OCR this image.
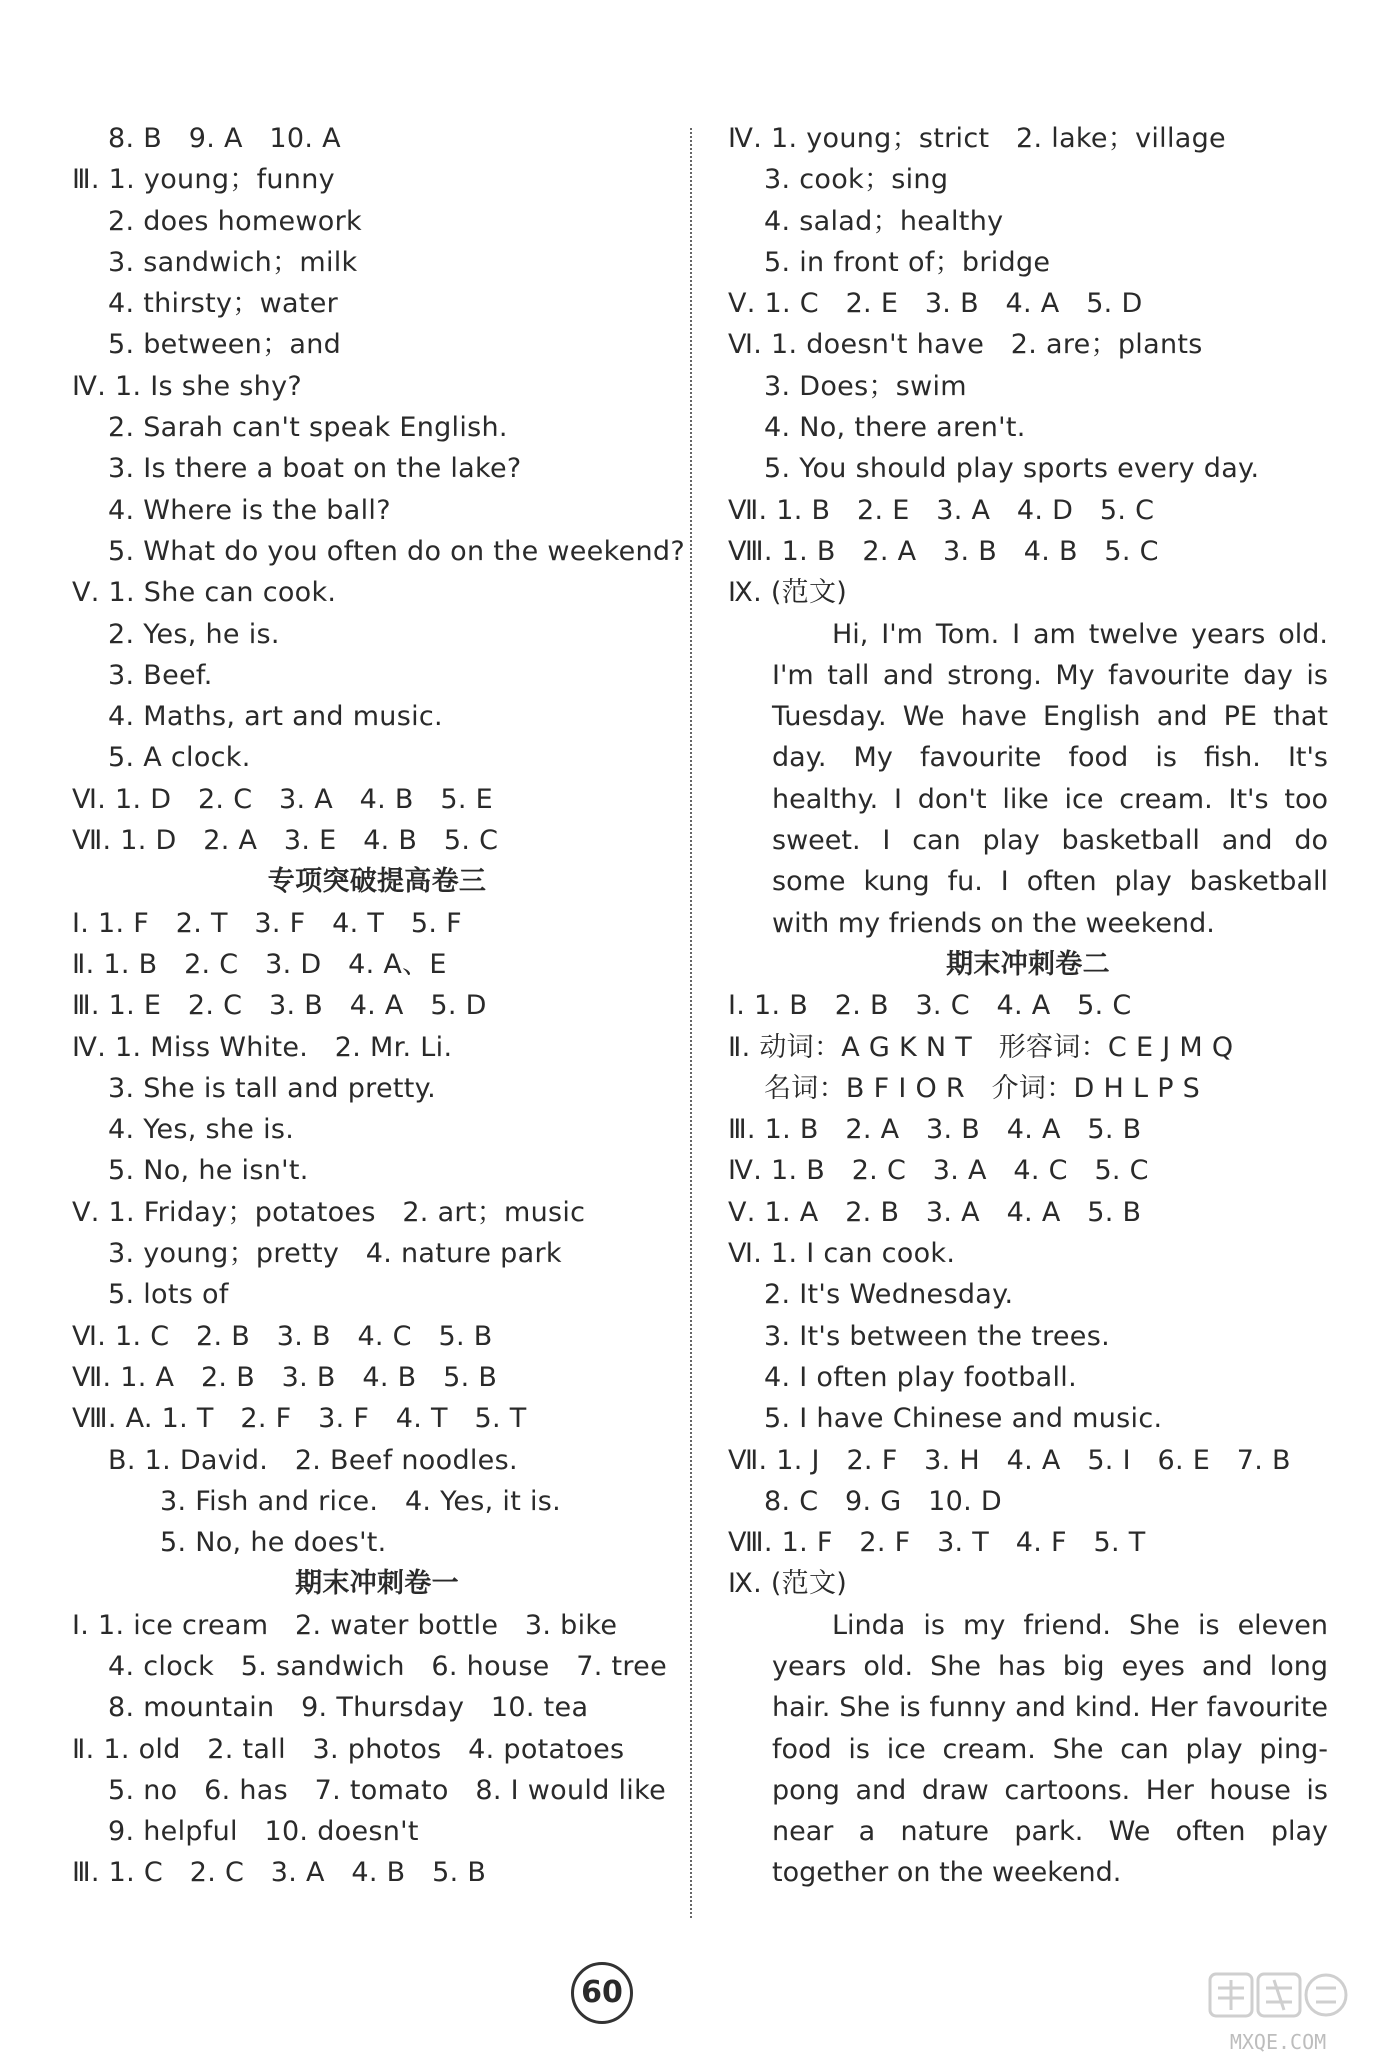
8. B   9. A   10. A
Ⅲ. 1. young；funny
2. does homework
3. sandwich；milk
4. thirsty；water
5. between；and
Ⅳ. 1. Is she shy?
2. Sarah can't speak English.
3. Is there a boat on the lake?
4. Where is the ball?
5. What do you often do on the weekend?
Ⅴ. 1. She can cook.
2. Yes, he is.
3. Beef.
4. Maths, art and music.
5. A clock.
Ⅵ. 1. D   2. C   3. A   4. B   5. E
Ⅶ. 1. D   2. A   3. E   4. B   5. C
专项突破提高卷三
Ⅰ. 1. F   2. T   3. F   4. T   5. F
Ⅱ. 1. B   2. C   3. D   4. A、E
Ⅲ. 1. E   2. C   3. B   4. A   5. D
Ⅳ. 1. Miss White.   2. Mr. Li.
3. She is tall and pretty.
4. Yes, she is.
5. No, he isn't.
Ⅴ. 1. Friday；potatoes   2. art；music
3. young；pretty   4. nature park
5. lots of
Ⅵ. 1. C   2. B   3. B   4. C   5. B
Ⅶ. 1. A   2. B   3. B   4. B   5. B
Ⅷ. A. 1. T   2. F   3. F   4. T   5. T
B. 1. David.   2. Beef noodles.
3. Fish and rice.   4. Yes, it is.
5. No, he does't.
期末冲刺卷一
Ⅰ. 1. ice cream   2. water bottle   3. bike
4. clock   5. sandwich   6. house   7. tree
8. mountain   9. Thursday   10. tea
Ⅱ. 1. old   2. tall   3. photos   4. potatoes
5. no   6. has   7. tomato   8. I would like
9. helpful   10. doesn't
Ⅲ. 1. C   2. C   3. A   4. B   5. B
Ⅳ. 1. young；strict   2. lake；village
3. cook；sing
4. salad；healthy
5. in front of；bridge
Ⅴ. 1. C   2. E   3. B   4. A   5. D
Ⅵ. 1. doesn't have   2. are；plants
3. Does；swim
4. No, there aren't.
5. You should play sports every day.
Ⅶ. 1. B   2. E   3. A   4. D   5. C
Ⅷ. 1. B   2. A   3. B   4. B   5. C
Ⅸ. (范文)
Hi, I'm Tom. I am twelve years old. I'm tall and strong. My favourite day is Tuesday. We have English and PE that day. My favourite food is fish. It's healthy. I don't like ice cream. It's too sweet. I can play basketball and do some kung fu. I often play basketball with my friends on the weekend.
期末冲刺卷二
Ⅰ. 1. B   2. B   3. C   4. A   5. C
Ⅱ. 动词：A G K N T   形容词：C E J M Q
名词：B F I O R   介词：D H L P S
Ⅲ. 1. B   2. A   3. B   4. A   5. B
Ⅳ. 1. B   2. C   3. A   4. C   5. C
Ⅴ. 1. A   2. B   3. A   4. A   5. B
Ⅵ. 1. I can cook.
2. It's Wednesday.
3. It's between the trees.
4. I often play football.
5. I have Chinese and music.
Ⅶ. 1. J   2. F   3. H   4. A   5. I   6. E   7. B
8. C   9. G   10. D
Ⅷ. 1. F   2. F   3. T   4. F   5. T
Ⅸ. (范文)
Linda is my friend. She is eleven years old. She has big eyes and long hair. She is funny and kind. Her favourite food is ice cream. She can play ping-pong and draw cartoons. Her house is near a nature park. We often play together on the weekend.
60
MXQE.COM
